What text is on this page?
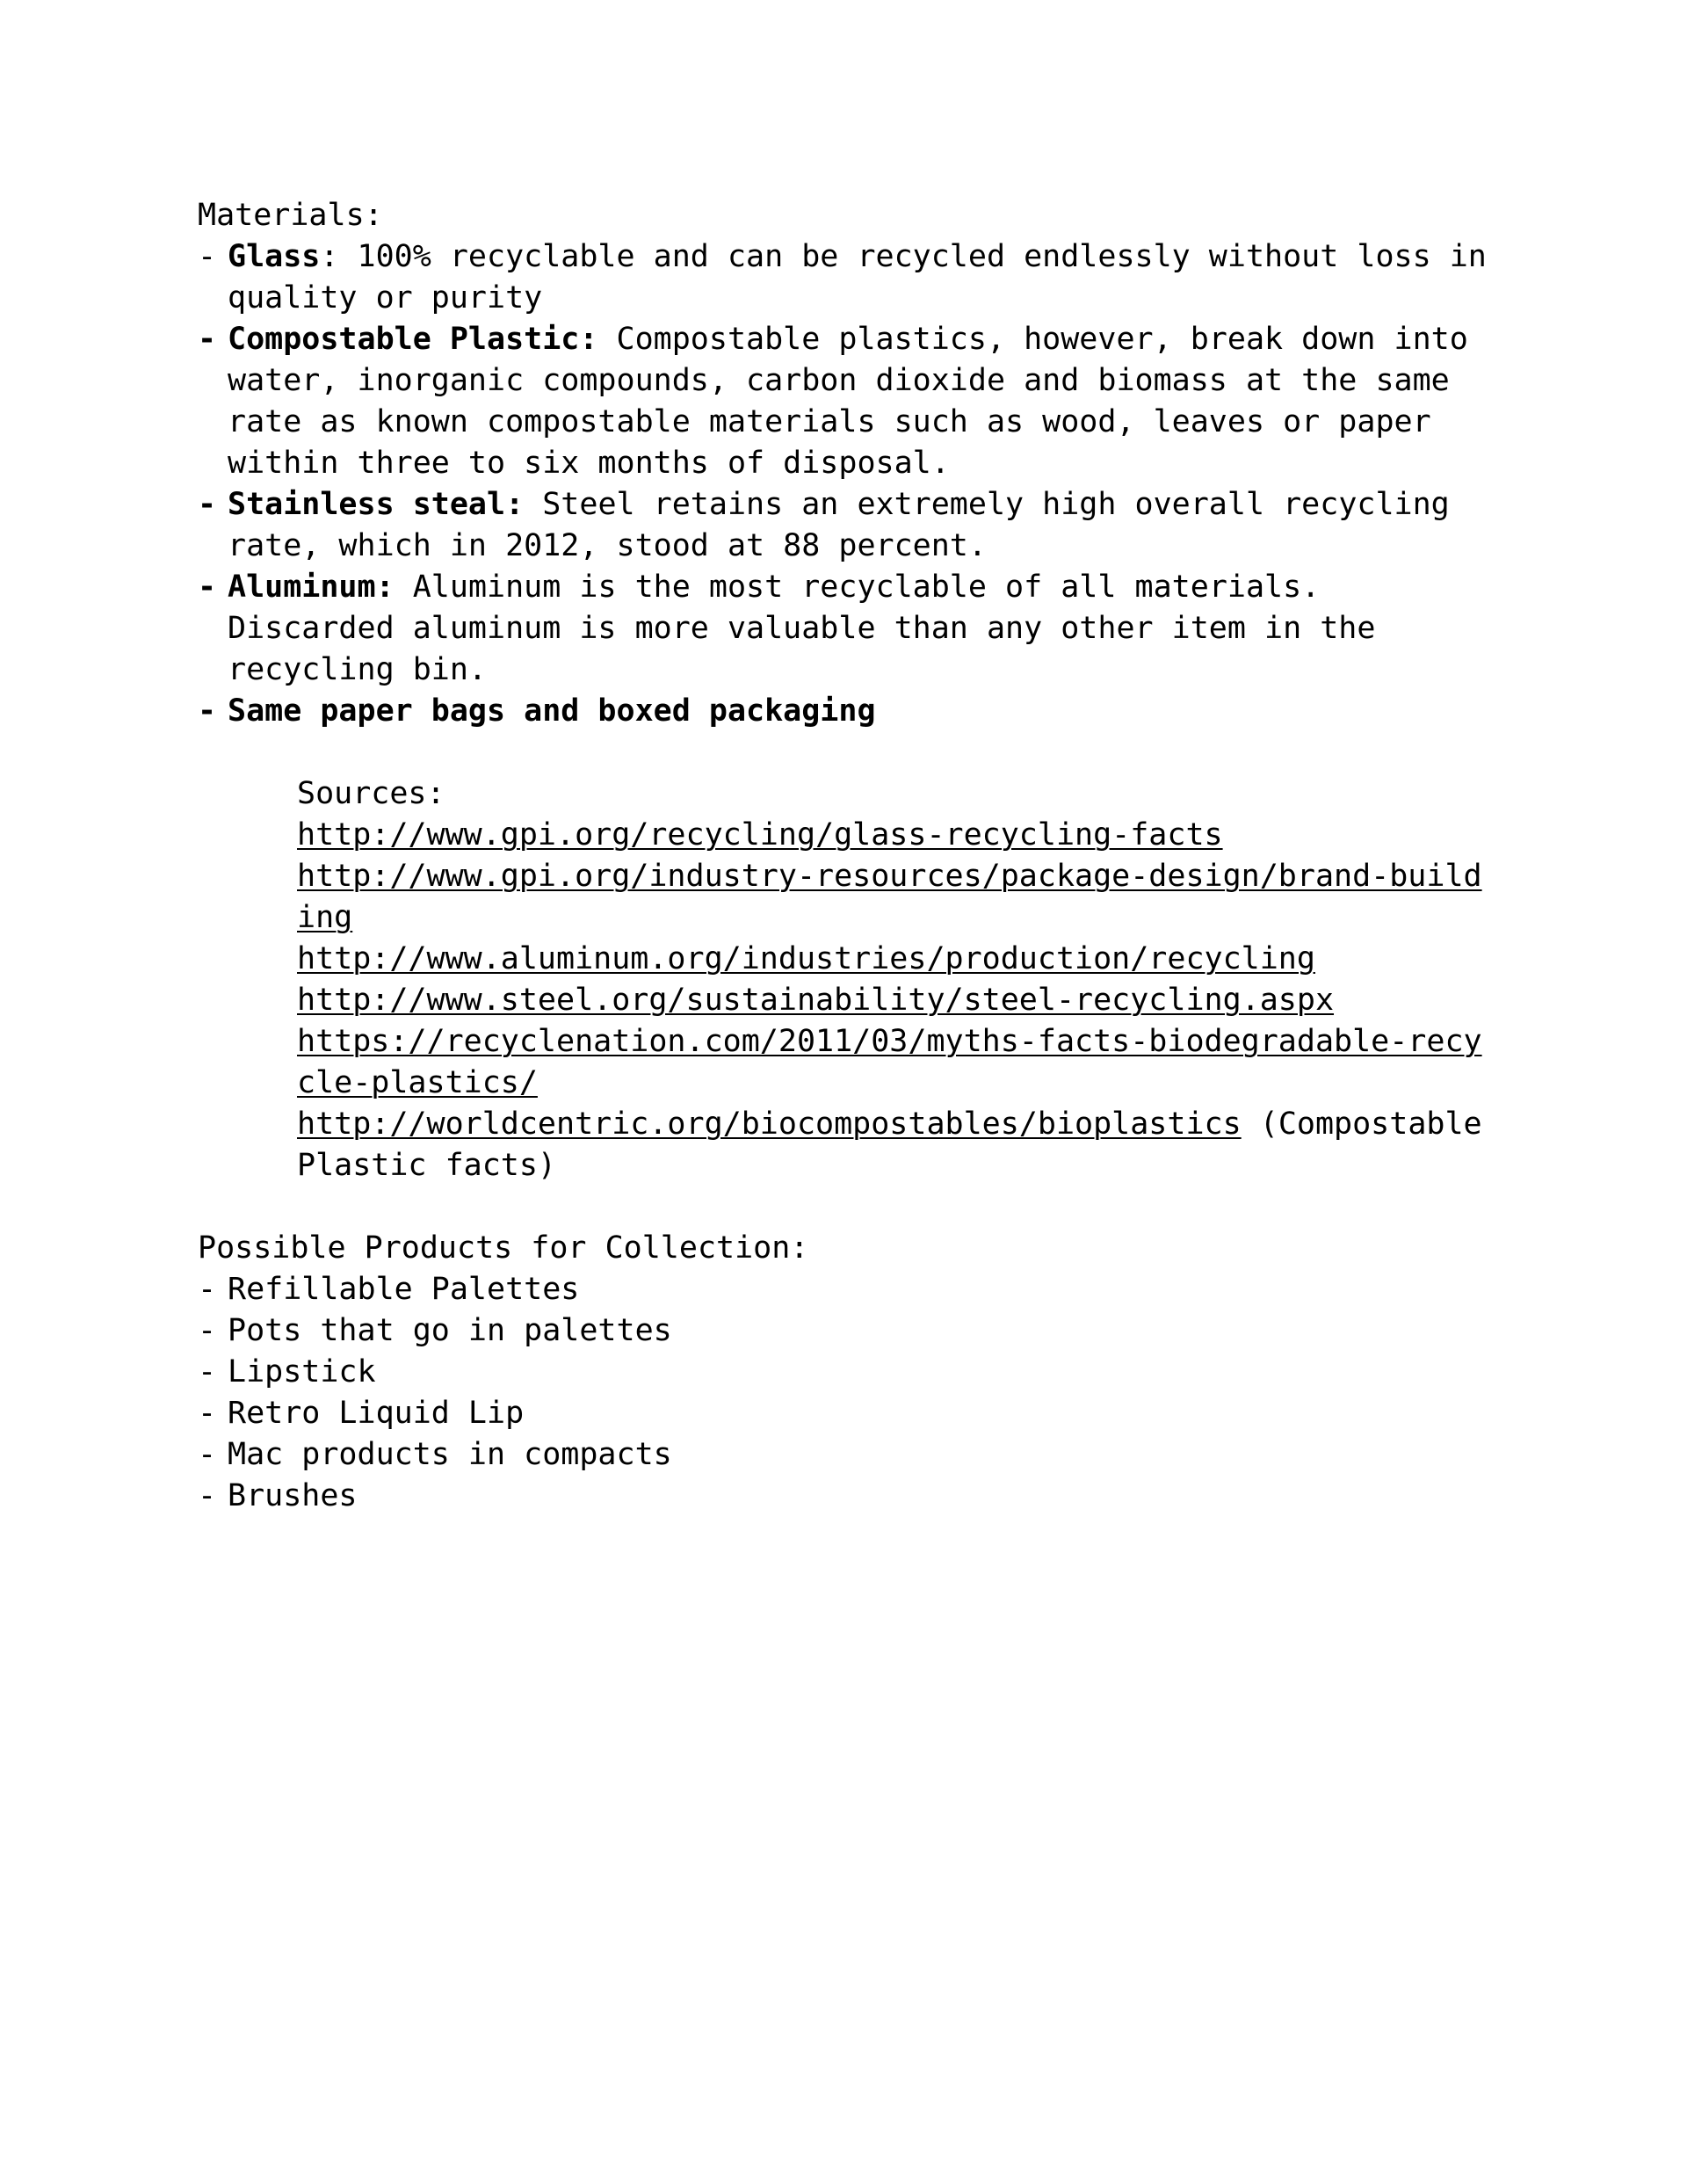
Materials:

- Glass: 100% recyclable and can be recycled endlessly without loss in quality or purity
- Compostable Plastic: Compostable plastics, however, break down into water, inorganic compounds, carbon dioxide and biomass at the same rate as known compostable materials such as wood, leaves or paper within three to six months of disposal.
- Stainless steal: Steel retains an extremely high overall recycling rate, which in 2012, stood at 88 percent.
- Aluminum: Aluminum is the most recyclable of all materials. Discarded aluminum is more valuable than any other item in the recycling bin.
- Same paper bags and boxed packaging

Sources:

http://www.gpi.org/recycling/glass-recycling-facts
http://www.gpi.org/industry-resources/package-design/brand-building
http://www.aluminum.org/industries/production/recycling
http://www.steel.org/sustainability/steel-recycling.aspx
https://recyclenation.com/2011/03/myths-facts-biodegradable-recycle-plastics/
http://worldcentric.org/biocompostables/bioplastics (Compostable Plastic facts)

Possible Products for Collection:

- Refillable Palettes
- Pots that go in palettes
- Lipstick
- Retro Liquid Lip
- Mac products in compacts
- Brushes
